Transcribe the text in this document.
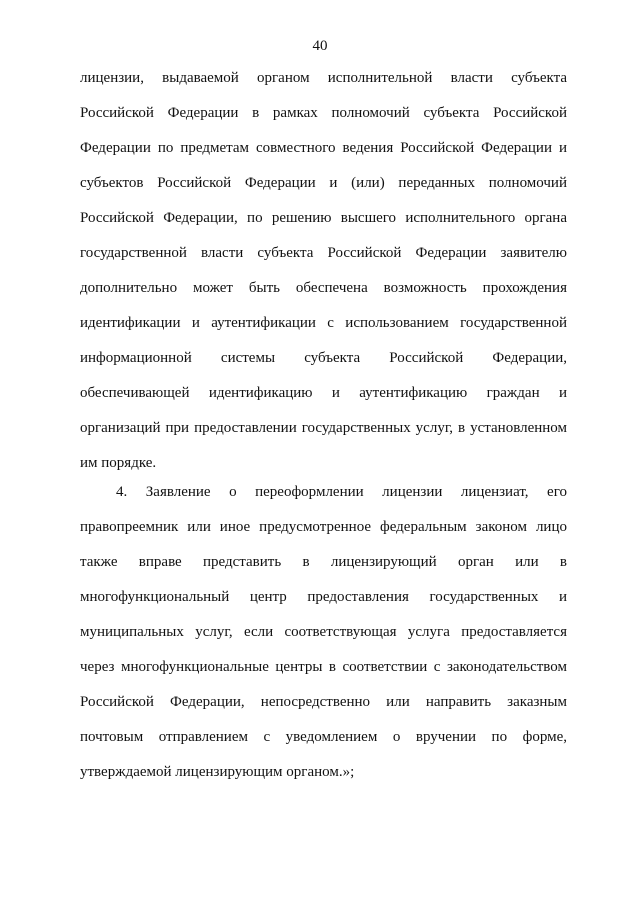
40
лицензии, выдаваемой органом исполнительной власти субъекта
Российской Федерации в рамках полномочий субъекта Российской
Федерации по предметам совместного ведения Российской Федерации и
субъектов Российской Федерации и (или) переданных полномочий
Российской Федерации, по решению высшего исполнительного органа
государственной власти субъекта Российской Федерации заявителю
дополнительно может быть обеспечена возможность прохождения
идентификации и аутентификации с использованием государственной
информационной системы субъекта Российской Федерации,
обеспечивающей идентификацию и аутентификацию граждан и
организаций при предоставлении государственных услуг, в установленном
им порядке.
4. Заявление о переоформлении лицензии лицензиат, его
правопреемник или иное предусмотренное федеральным законом лицо
также вправе представить в лицензирующий орган или в
многофункциональный центр предоставления государственных и
муниципальных услуг, если соответствующая услуга предоставляется
через многофункциональные центры в соответствии с законодательством
Российской Федерации, непосредственно или направить заказным
почтовым отправлением с уведомлением о вручении по форме,
утверждаемой лицензирующим органом.»;
